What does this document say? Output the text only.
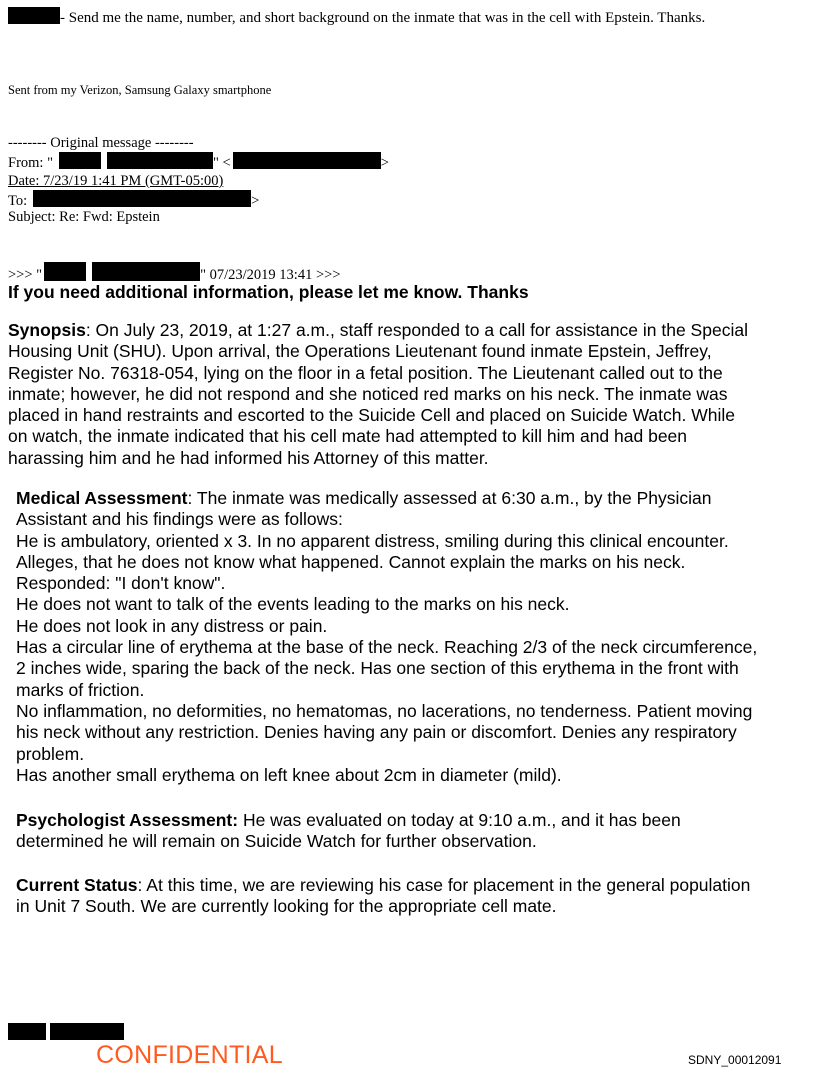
- Send me the name, number, and short background on the inmate that was in the cell with Epstein. Thanks.
Sent from my Verizon, Samsung Galaxy smartphone
-------- Original message --------
From: "	" <	>
Date: 7/23/19 1:41 PM (GMT-05:00)
To:	>
Subject: Re: Fwd: Epstein
>>> "	" 07/23/2019 13:41 >>>
If you need additional information, please let me know. Thanks
Synopsis: On July 23, 2019, at 1:27 a.m., staff responded to a call for assistance in the Special
Housing Unit (SHU). Upon arrival, the Operations Lieutenant found inmate Epstein, Jeffrey,
Register No. 76318-054, lying on the floor in a fetal position. The Lieutenant called out to the
inmate; however, he did not respond and she noticed red marks on his neck. The inmate was
placed in hand restraints and escorted to the Suicide Cell and placed on Suicide Watch. While
on watch, the inmate indicated that his cell mate had attempted to kill him and had been
harassing him and he had informed his Attorney of this matter.
Medical Assessment: The inmate was medically assessed at 6:30 a.m., by the Physician
Assistant and his findings were as follows:
He is ambulatory, oriented x 3. In no apparent distress, smiling during this clinical encounter.
Alleges, that he does not know what happened. Cannot explain the marks on his neck.
Responded: "I don't know".
He does not want to talk of the events leading to the marks on his neck.
He does not look in any distress or pain.
Has a circular line of erythema at the base of the neck. Reaching 2/3 of the neck circumference,
2 inches wide, sparing the back of the neck. Has one section of this erythema in the front with
marks of friction.
No inflammation, no deformities, no hematomas, no lacerations, no tenderness. Patient moving
his neck without any restriction. Denies having any pain or discomfort. Denies any respiratory
problem.
Has another small erythema on left knee about 2cm in diameter (mild).
Psychologist Assessment: He was evaluated on today at 9:10 a.m., and it has been
determined he will remain on Suicide Watch for further observation.
Current Status: At this time, we are reviewing his case for placement in the general population
in Unit 7 South. We are currently looking for the appropriate cell mate.
CONFIDENTIAL	SDNY_00012091
